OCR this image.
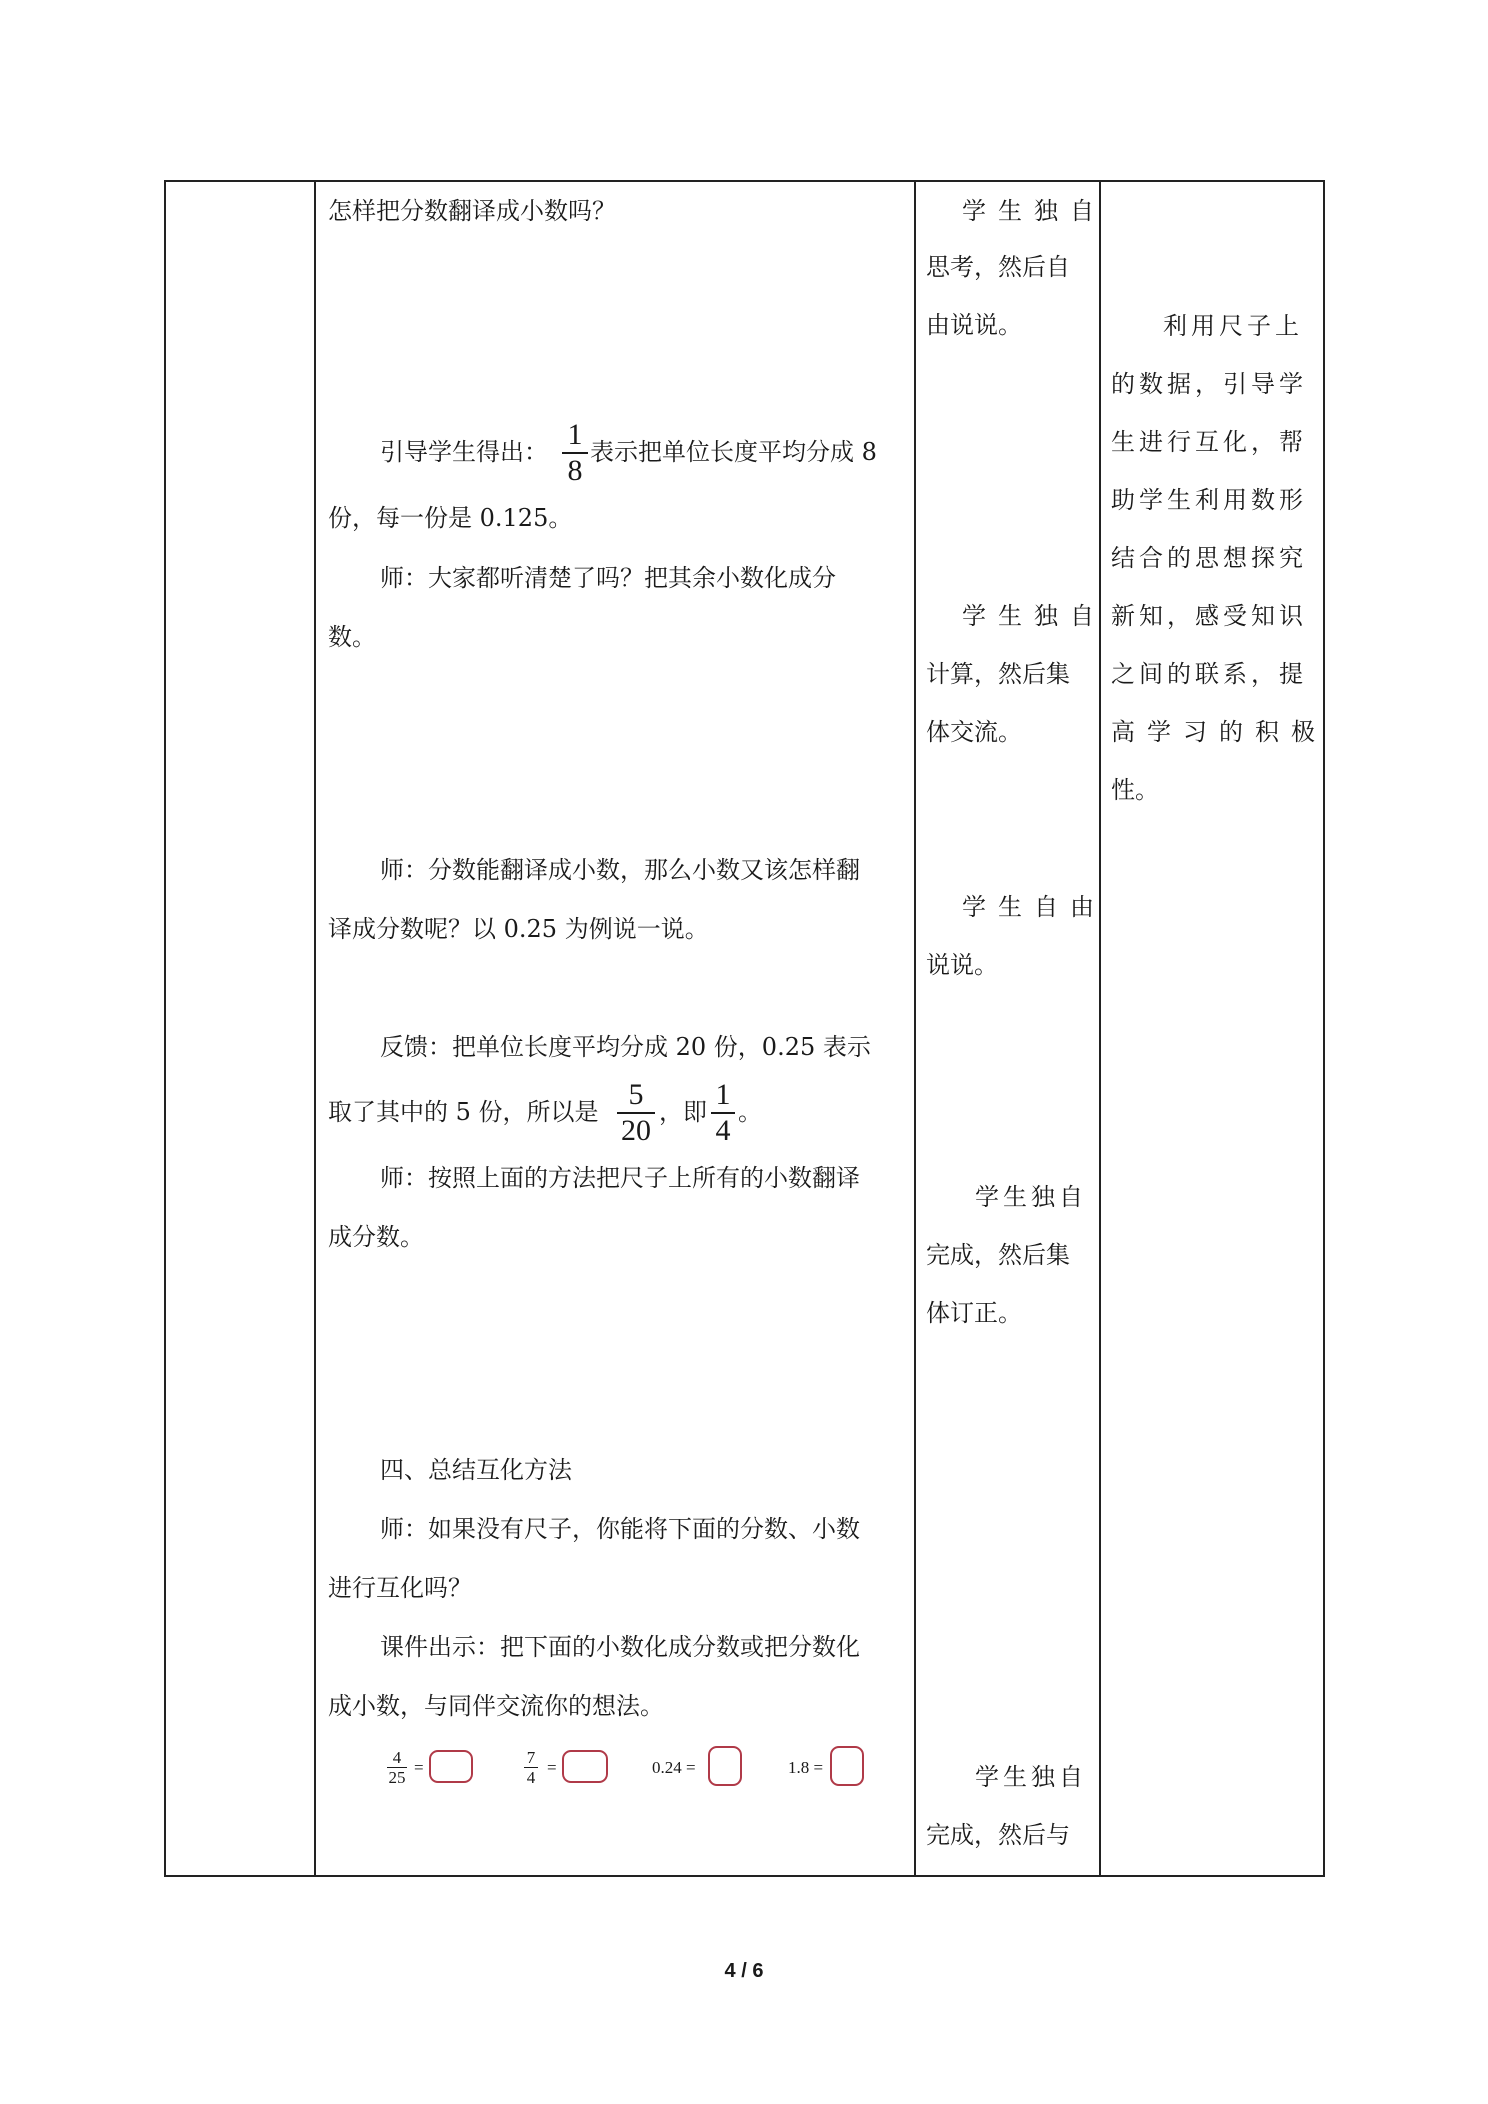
怎样把分数翻译成小数吗？
引导学生得出：
1
8
表示把单位长度平均分成 8
份，每一份是 0.125。
师：大家都听清楚了吗？把其余小数化成分
数。
师：分数能翻译成小数，那么小数又该怎样翻
译成分数呢？以 0.25 为例说一说。
反馈：把单位长度平均分成 20 份，0.25 表示
取了其中的 5 份，所以是
5
20
，即
1
4
。
师：按照上面的方法把尺子上所有的小数翻译
成分数。
四、总结互化方法
师：如果没有尺子，你能将下面的分数、小数
进行互化吗？
课件出示：把下面的小数化成分数或把分数化
成小数，与同伴交流你的想法。
4
25
=
7
4
=	0.24 =	1.8 =
学生独自
思考，然后自
由说说。
学生独自
计算，然后集
体交流。
学生自由
说说。
学生独自
完成，然后集
体订正。
学生独自
完成，然后与
利用尺子上
的数据，引导学
生进行互化，帮
助学生利用数形
结合的思想探究
新知，感受知识
之间的联系，提
高学习的积极
性。
4 / 6
